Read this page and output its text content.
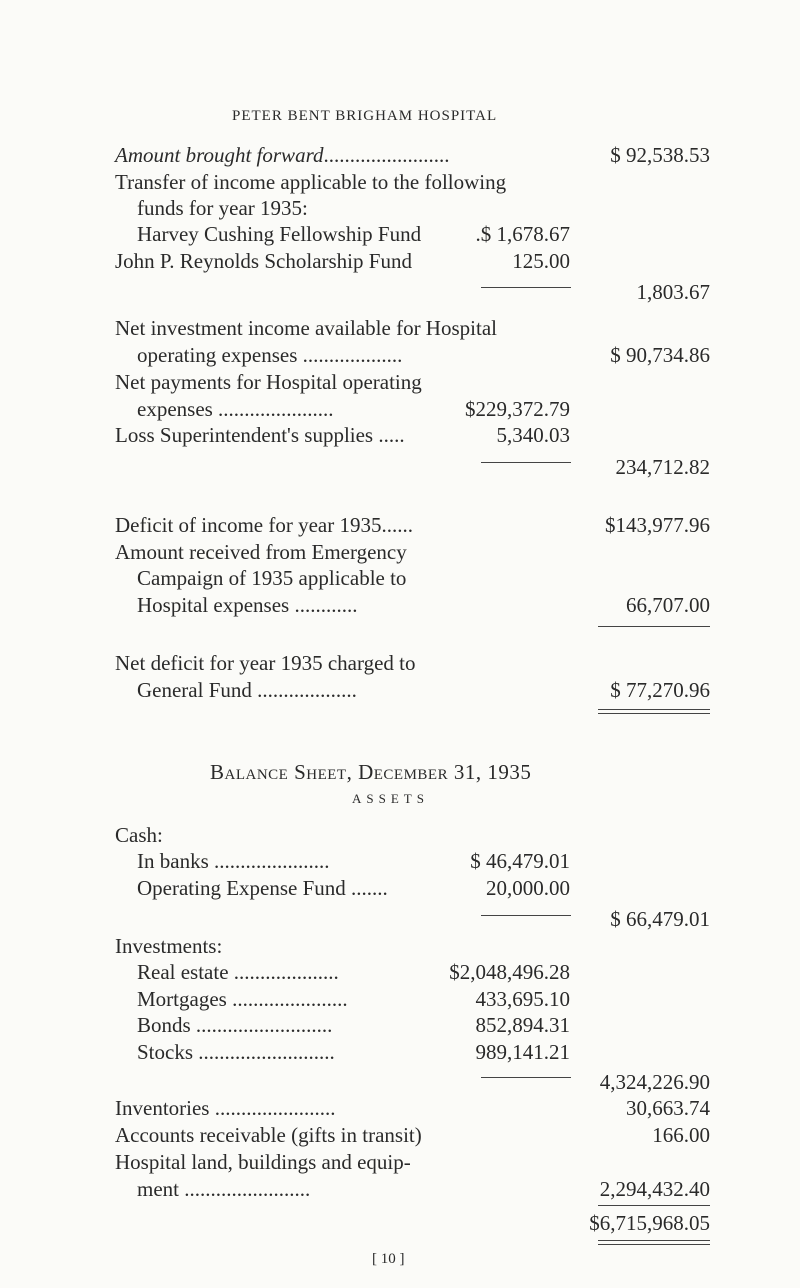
PETER BENT BRIGHAM HOSPITAL
Amount brought forward........................	$ 92,538.53
Transfer of income applicable to the following
funds for year 1935:
Harvey Cushing Fellowship Fund	.$ 1,678.67
John P. Reynolds Scholarship Fund	125.00
1,803.67
Net investment income available for Hospital
operating expenses ...................	$ 90,734.86
Net payments for Hospital operating
expenses ......................	$229,372.79
Loss Superintendent's supplies .....	5,340.03
234,712.82
Deficit of income for year 1935......	$143,977.96
Amount received from Emergency
Campaign of 1935 applicable to
Hospital expenses ............	66,707.00
Net deficit for year 1935 charged to
General Fund ...................	$ 77,270.96
Balance Sheet, December 31, 1935
ASSETS
Cash:
In banks ......................	$ 46,479.01
Operating Expense Fund .......	20,000.00
$ 66,479.01
Investments:
Real estate ....................	$2,048,496.28
Mortgages ......................	433,695.10
Bonds ..........................	852,894.31
Stocks ..........................	989,141.21
4,324,226.90
Inventories .......................	30,663.74
Accounts receivable (gifts in transit)	166.00
Hospital land, buildings and equip-
ment ........................	2,294,432.40
$6,715,968.05
[ 10 ]
